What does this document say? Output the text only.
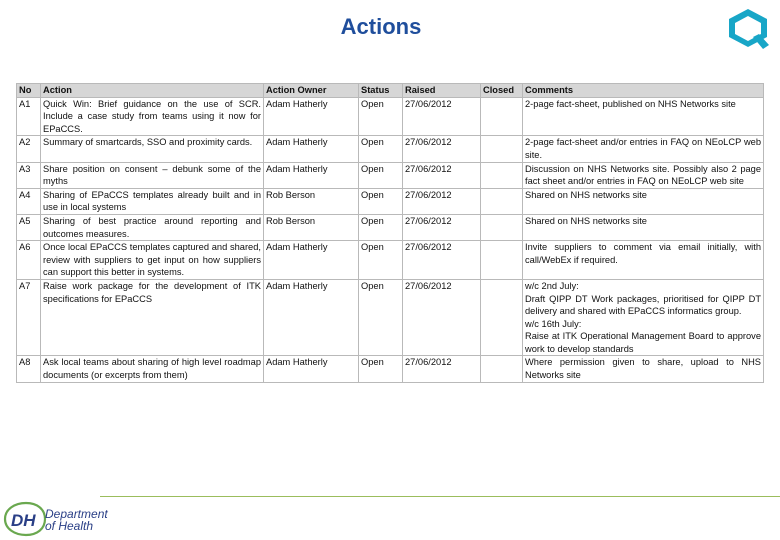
Actions
No	Action	Action Owner	Status	Raised	Closed	Comments
A1	Quick Win: Brief guidance on the use of SCR. Include a case study from teams using it now for EPaCCS.	Adam Hatherly	Open	27/06/2012		2-page fact-sheet, published on NHS Networks site
A2	Summary of smartcards, SSO and proximity cards.	Adam Hatherly	Open	27/06/2012		2-page fact-sheet and/or entries in FAQ on NEoLCP web site.
A3	Share position on consent – debunk some of the myths	Adam Hatherly	Open	27/06/2012		Discussion on NHS Networks site. Possibly also 2 page fact sheet and/or entries in FAQ on NEoLCP web site
A4	Sharing of EPaCCS templates already built and in use in local systems	Rob Berson	Open	27/06/2012		Shared on NHS networks site
A5	Sharing of best practice around reporting and outcomes measures.	Rob Berson	Open	27/06/2012		Shared on NHS networks site
A6	Once local EPaCCS templates captured and shared, review with suppliers to get input on how suppliers can support this better in systems.	Adam Hatherly	Open	27/06/2012		Invite suppliers to comment via email initially, with call/WebEx if required.
A7	Raise work package for the development of ITK specifications for EPaCCS	Adam Hatherly	Open	27/06/2012		w/c 2nd July:
Draft QIPP DT Work packages, prioritised for QIPP DT delivery and shared with EPaCCS informatics group.
w/c 16th July:
Raise at ITK Operational Management Board to approve work to develop standards
A8	Ask local teams about sharing of high level roadmap documents (or excerpts from them)	Adam Hatherly	Open	27/06/2012		Where permission given to share, upload to NHS Networks site
DH Department
of Health
